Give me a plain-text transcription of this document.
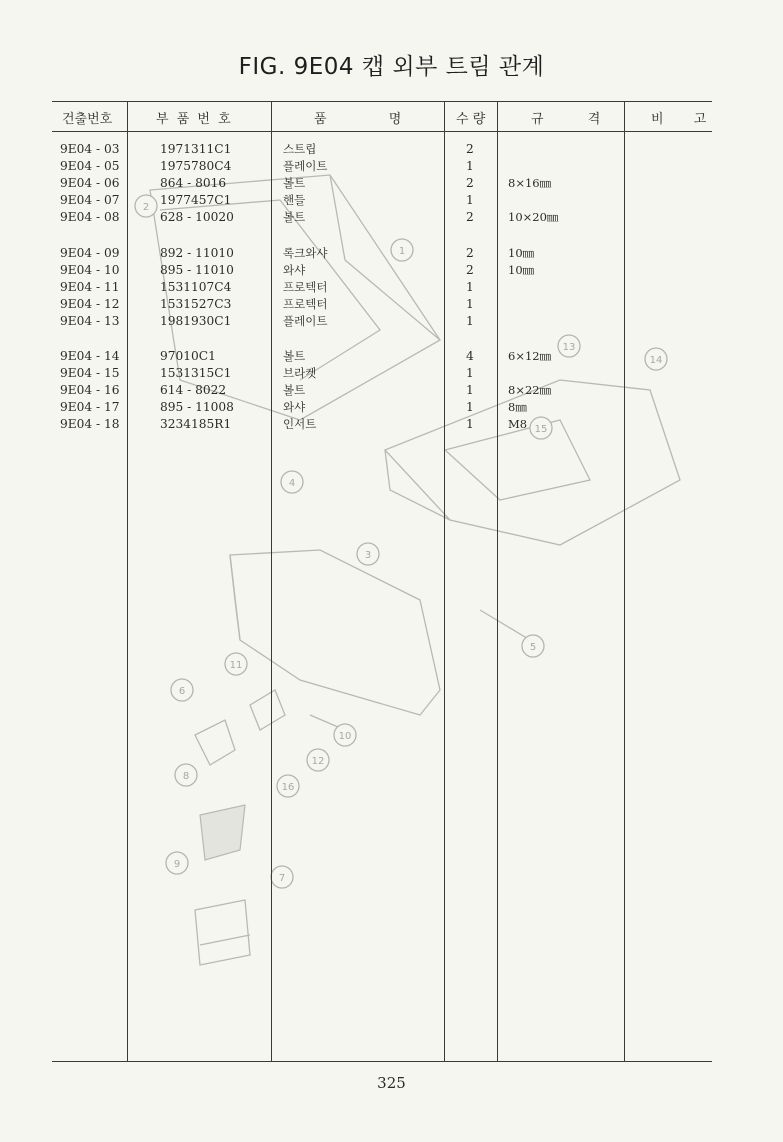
1
2
3
4
5
6
7
8
9
10
11
12
13
14
15
16
FIG. 9E04 캡 외부 트림 관계
건출번호	부 품 번 호	품 명	수 량	규 격	비 고
9E04 - 03	1971311C1	스트립	2
9E04 - 05	1975780C4	플레이트	1
9E04 - 06	864 - 8016	볼트	2	8×16㎜
9E04 - 07	1977457C1	핸들	1
9E04 - 08	628 - 10020	볼트	2	10×20㎜
9E04 - 09	892 - 11010	록크와샤	2	10㎜
9E04 - 10	895 - 11010	와샤	2	10㎜
9E04 - 11	1531107C4	프로텍터	1
9E04 - 12	1531527C3	프로텍터	1
9E04 - 13	1981930C1	플레이트	1
9E04 - 14	97010C1	볼트	4	6×12㎜
9E04 - 15	1531315C1	브라켓	1
9E04 - 16	614 - 8022	볼트	1	8×22㎜
9E04 - 17	895 - 11008	와샤	1	8㎜
9E04 - 18	3234185R1	인서트	1	M8
325
